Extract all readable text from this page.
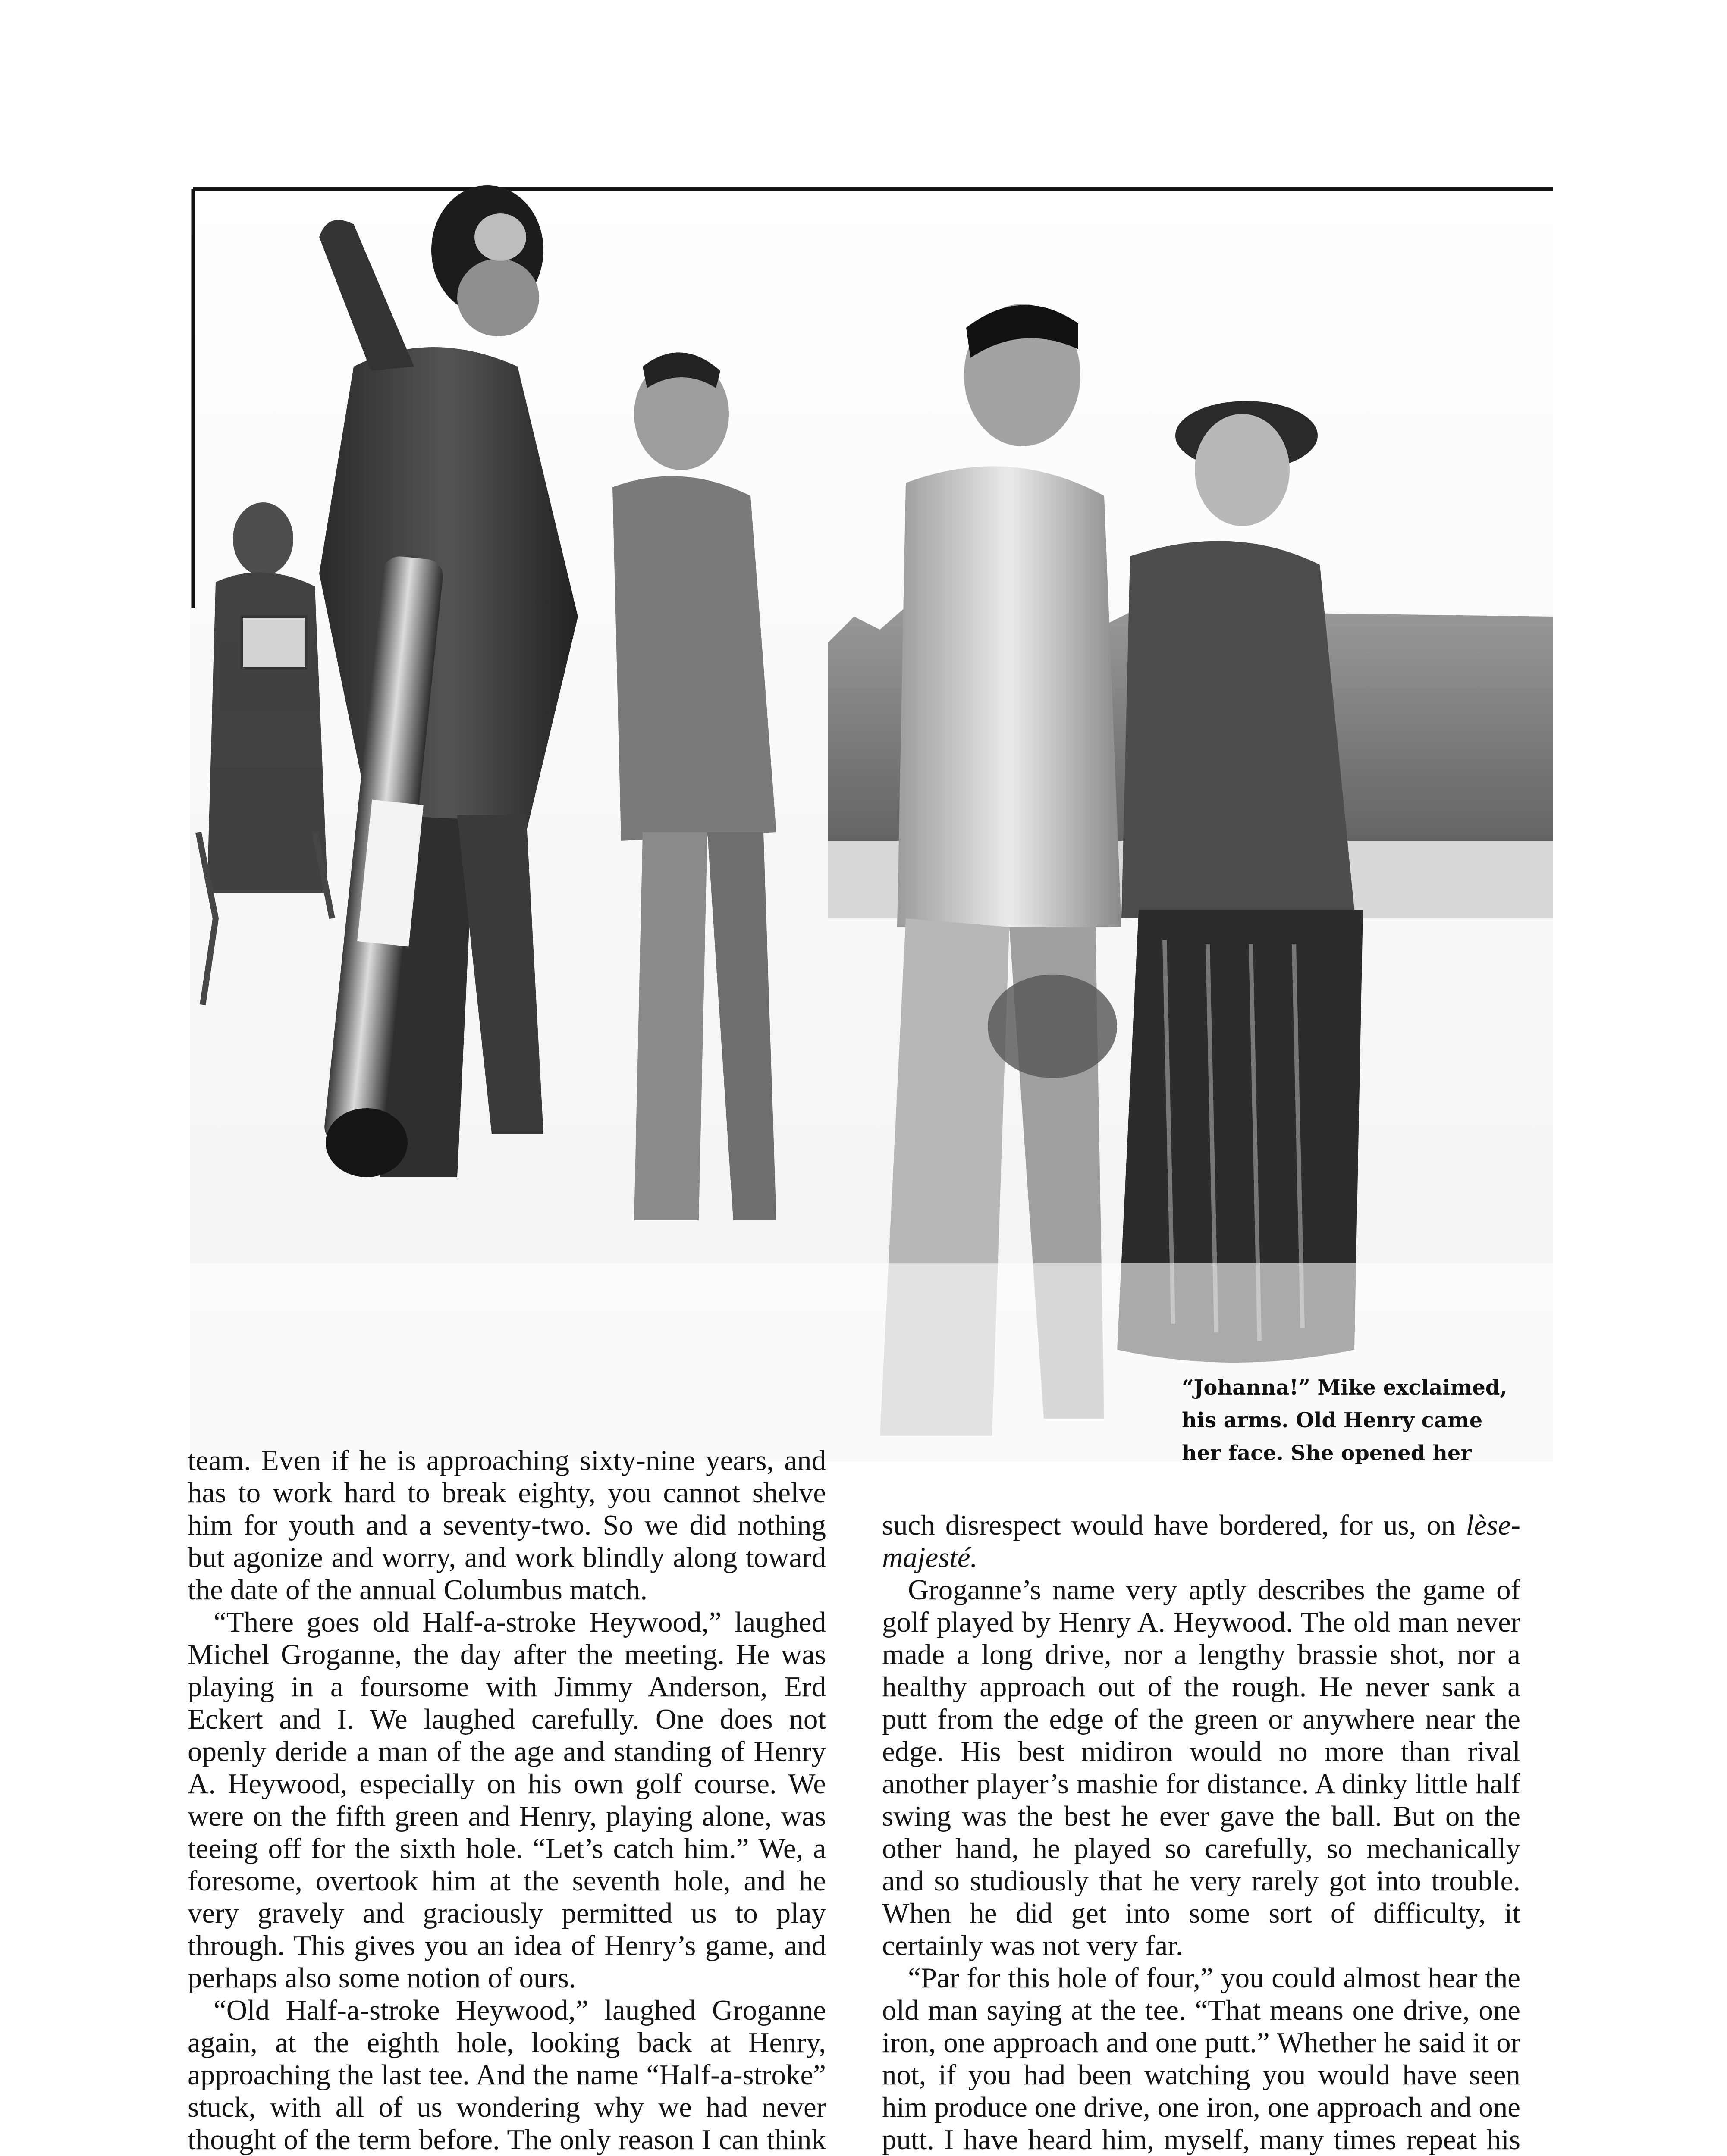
“Johanna!” Mike exclaimed,
his arms. Old Henry came
her face. She opened her

team. Even if he is approaching sixty-nine years, and has to work hard to break eighty, you cannot shelve him for youth and a seventy-two. So we did nothing but agonize and worry, and work blindly along toward the date of the annual Columbus match.

“There goes old Half-a-stroke Heywood,” laughed Michel Groganne, the day after the meeting. He was playing in a foursome with Jimmy Anderson, Erd Eckert and I. We laughed carefully. One does not openly deride a man of the age and standing of Henry A. Heywood, especially on his own golf course. We were on the fifth green and Henry, playing alone, was teeing off for the sixth hole. “Let’s catch him.” We, a foresome, overtook him at the seventh hole, and he very gravely and graciously permitted us to play through. This gives you an idea of Henry’s game, and perhaps also some notion of ours.

“Old Half-a-stroke Heywood,” laughed Groganne again, at the eighth hole, looking back at Henry, approaching the last tee. And the name “Half-a-stroke” stuck, with all of us wondering why we had never thought of the term before. The only reason I can think

such disrespect would have bordered, for us, on lèse-majesté.

Groganne’s name very aptly describes the game of golf played by Henry A. Heywood. The old man never made a long drive, nor a lengthy brassie shot, nor a healthy approach out of the rough. He never sank a putt from the edge of the green or anywhere near the edge. His best midiron would no more than rival another player’s mashie for distance. A dinky little half swing was the best he ever gave the ball. But on the other hand, he played so carefully, so mechanically and so studiously that he very rarely got into trouble. When he did get into some sort of difficulty, it certainly was not very far.

“Par for this hole of four,” you could almost hear the old man saying at the tee. “That means one drive, one iron, one approach and one putt.” Whether he said it or not, if you had been watching you would have seen him produce one drive, one iron, one approach and one putt. I have heard him, myself, many times repeat his
